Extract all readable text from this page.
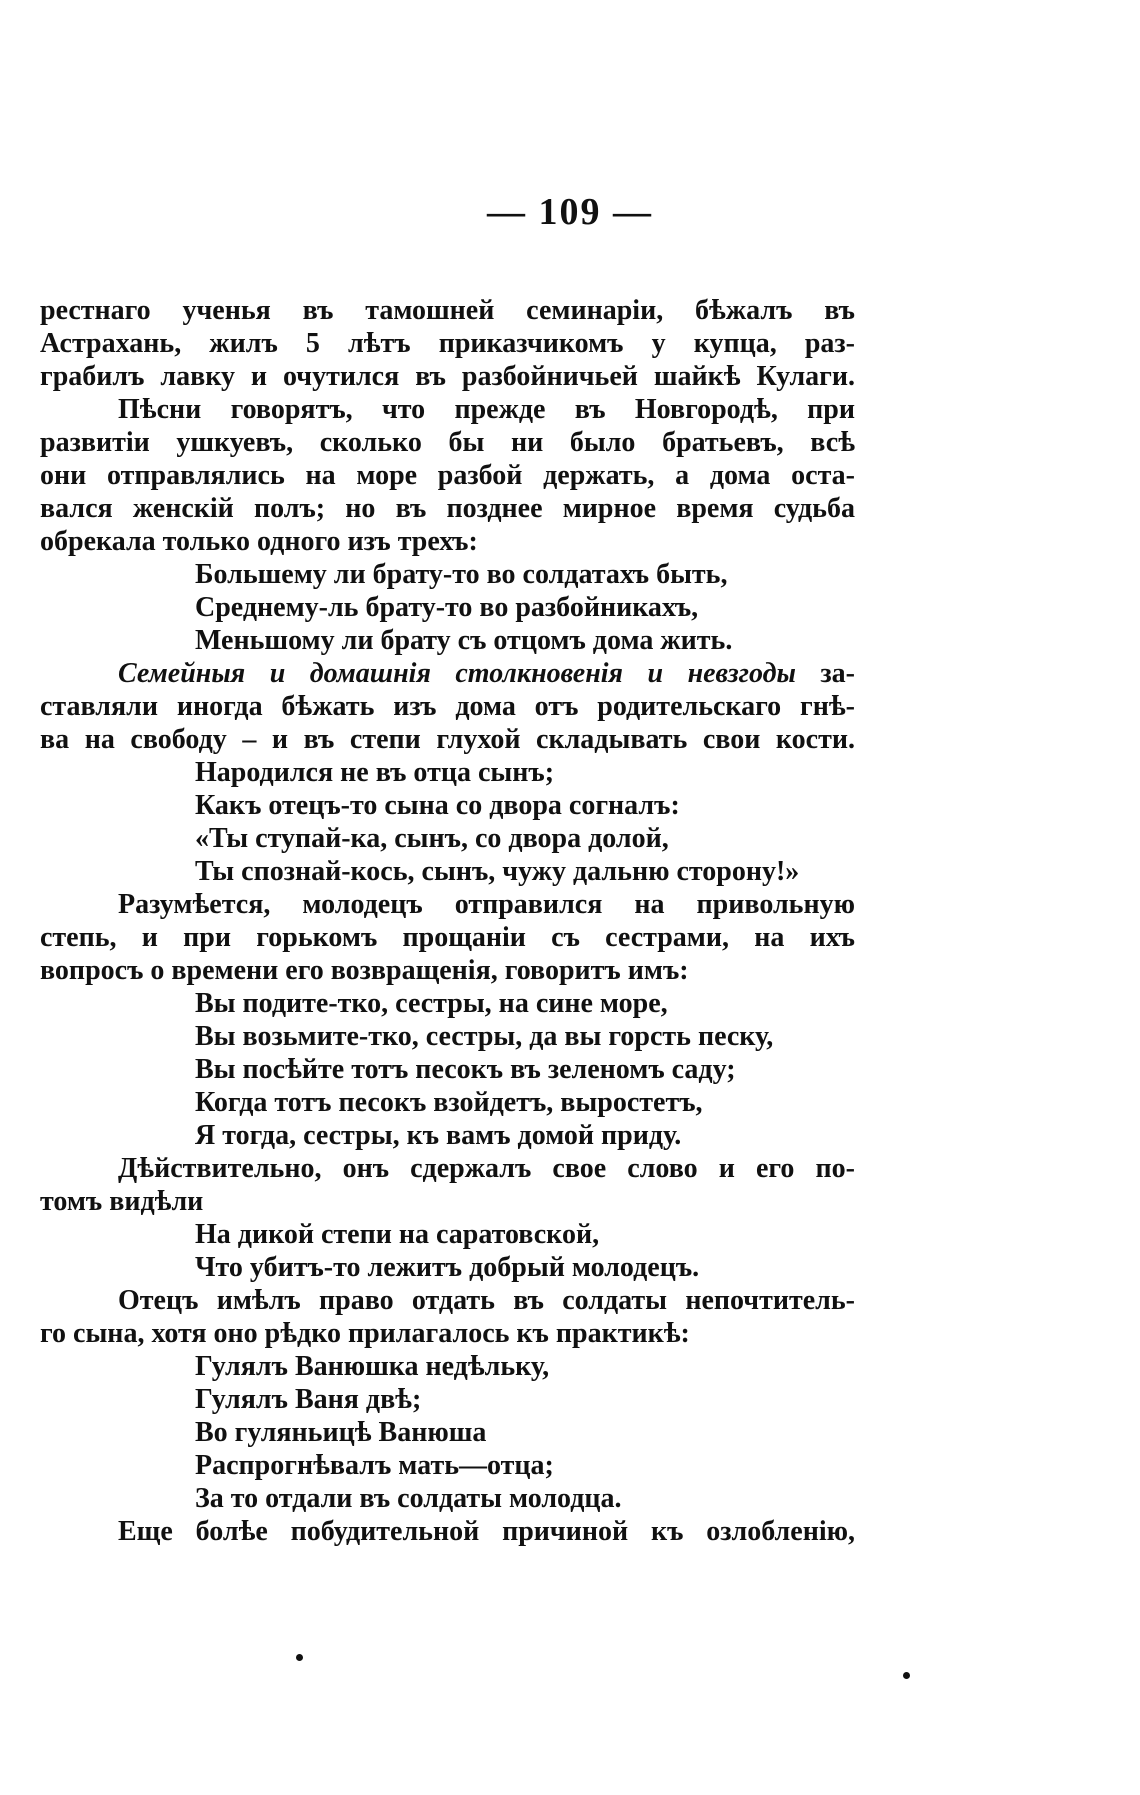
— 109 —
рестнаго ученья въ тамошней семинаріи, бѣжалъ въ
Астрахань, жилъ 5 лѣтъ приказчикомъ у купца, раз-
грабилъ лавку и очутился въ разбойничьей шайкѣ Кулаги.
Пѣсни говорятъ, что прежде въ Новгородѣ, при
развитіи ушкуевъ, сколько бы ни было братьевъ, всѣ
они отправлялись на море разбой держать, а дома оста-
вался женскій полъ; но въ позднее мирное время судьба
обрекала только одного изъ трехъ:
Большему ли брату-то во солдатахъ быть,
Среднему-ль брату-то во разбойникахъ,
Меньшому ли брату съ отцомъ дома жить.
Семейныя и домашнія столкновенія и невзгоды за-
ставляли иногда бѣжать изъ дома отъ родительскаго гнѣ-
ва на свободу – и въ степи глухой складывать свои кости.
Народился не въ отца сынъ;
Какъ отецъ-то сына со двора согналъ:
«Ты ступай-ка, сынъ, со двора долой,
Ты спознай-кось, сынъ, чужу дальню сторону!»
Разумѣется, молодецъ отправился на привольную
степь, и при горькомъ прощаніи съ сестрами, на ихъ
вопросъ о времени его возвращенія, говоритъ имъ:
Вы подите-тко, сестры, на сине море,
Вы возьмите-тко, сестры, да вы горсть песку,
Вы посѣйте тотъ песокъ въ зеленомъ саду;
Когда тотъ песокъ взойдетъ, выростетъ,
Я тогда, сестры, къ вамъ домой приду.
Дѣйствительно, онъ сдержалъ свое слово и его по-
томъ видѣли
На дикой степи на саратовской,
Что убитъ-то лежитъ добрый молодецъ.
Отецъ имѣлъ право отдать въ солдаты непочтитель-
го сына, хотя оно рѣдко прилагалось къ практикѣ:
Гулялъ Ванюшка недѣльку,
Гулялъ Ваня двѣ;
Во гуляньицѣ Ванюша
Распрогнѣвалъ мать—отца;
За то отдали въ солдаты молодца.
Еще болѣе побудительной причиной къ озлобленію,
